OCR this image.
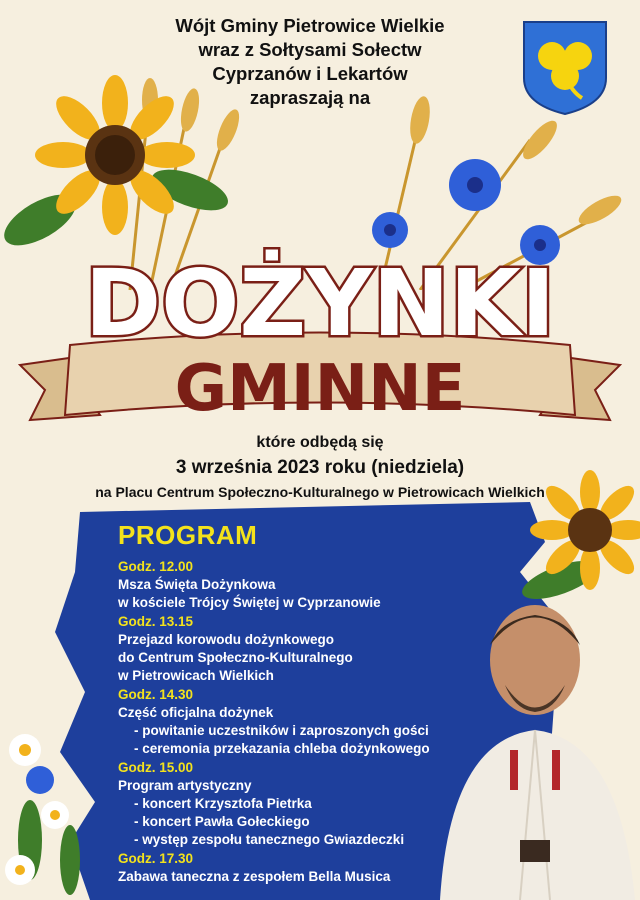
Wójt Gminy Pietrowice Wielkie
wraz z Sołtysami Sołectw
Cyprzanów i Lekartów
zapraszają na
DOŻYNKI
GMINNE
które odbędą się
3 września 2023 roku (niedziela)
na Placu Centrum Społeczno-Kulturalnego w Pietrowicach Wielkich
PROGRAM
Godz. 12.00
Msza Święta Dożynkowa
w kościele Trójcy Świętej w Cyprzanowie
Godz. 13.15
Przejazd korowodu dożynkowego
do Centrum Społeczno-Kulturalnego
w Pietrowicach Wielkich
Godz. 14.30
Część oficjalna dożynek
- powitanie uczestników i zaproszonych gości
- ceremonia przekazania chleba dożynkowego
Godz. 15.00
Program artystyczny
- koncert Krzysztofa Pietrka
- koncert Pawła Gołeckiego
- występ zespołu tanecznego Gwiazdeczki
Godz. 17.30
Zabawa taneczna z zespołem Bella Musica
